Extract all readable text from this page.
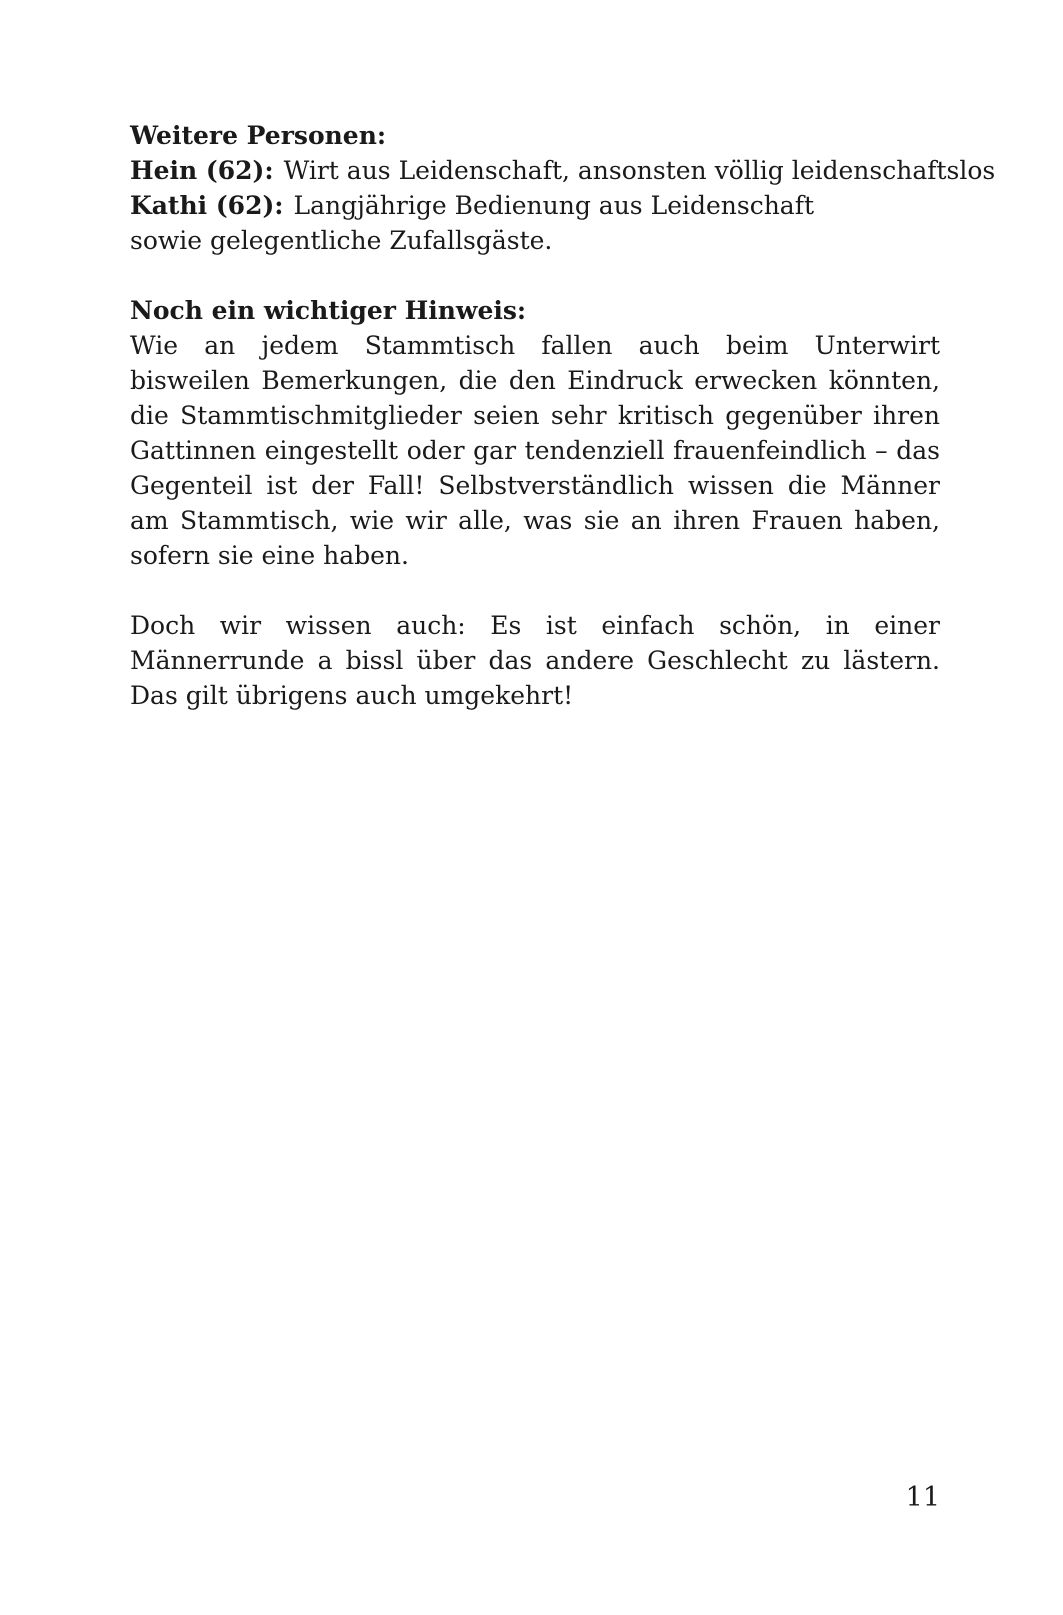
Weitere Personen:
Hein (62): Wirt aus Leidenschaft, ansonsten völlig leidenschaftslos
Kathi (62): Langjährige Bedienung aus Leidenschaft
sowie gelegentliche Zufallsgäste.
Noch ein wichtiger Hinweis:

Wie an jedem Stammtisch fallen auch beim Unterwirt bisweilen Bemerkungen, die den Eindruck erwecken könnten, die Stammtischmitglieder seien sehr kritisch gegenüber ihren Gattinnen eingestellt oder gar tendenziell frauenfeindlich – das Gegenteil ist der Fall! Selbstverständlich wissen die Männer am Stammtisch, wie wir alle, was sie an ihren Frauen haben, sofern sie eine haben.

Doch wir wissen auch: Es ist einfach schön, in einer Männerrunde a bissl über das andere Geschlecht zu lästern. Das gilt übrigens auch umgekehrt!

11
